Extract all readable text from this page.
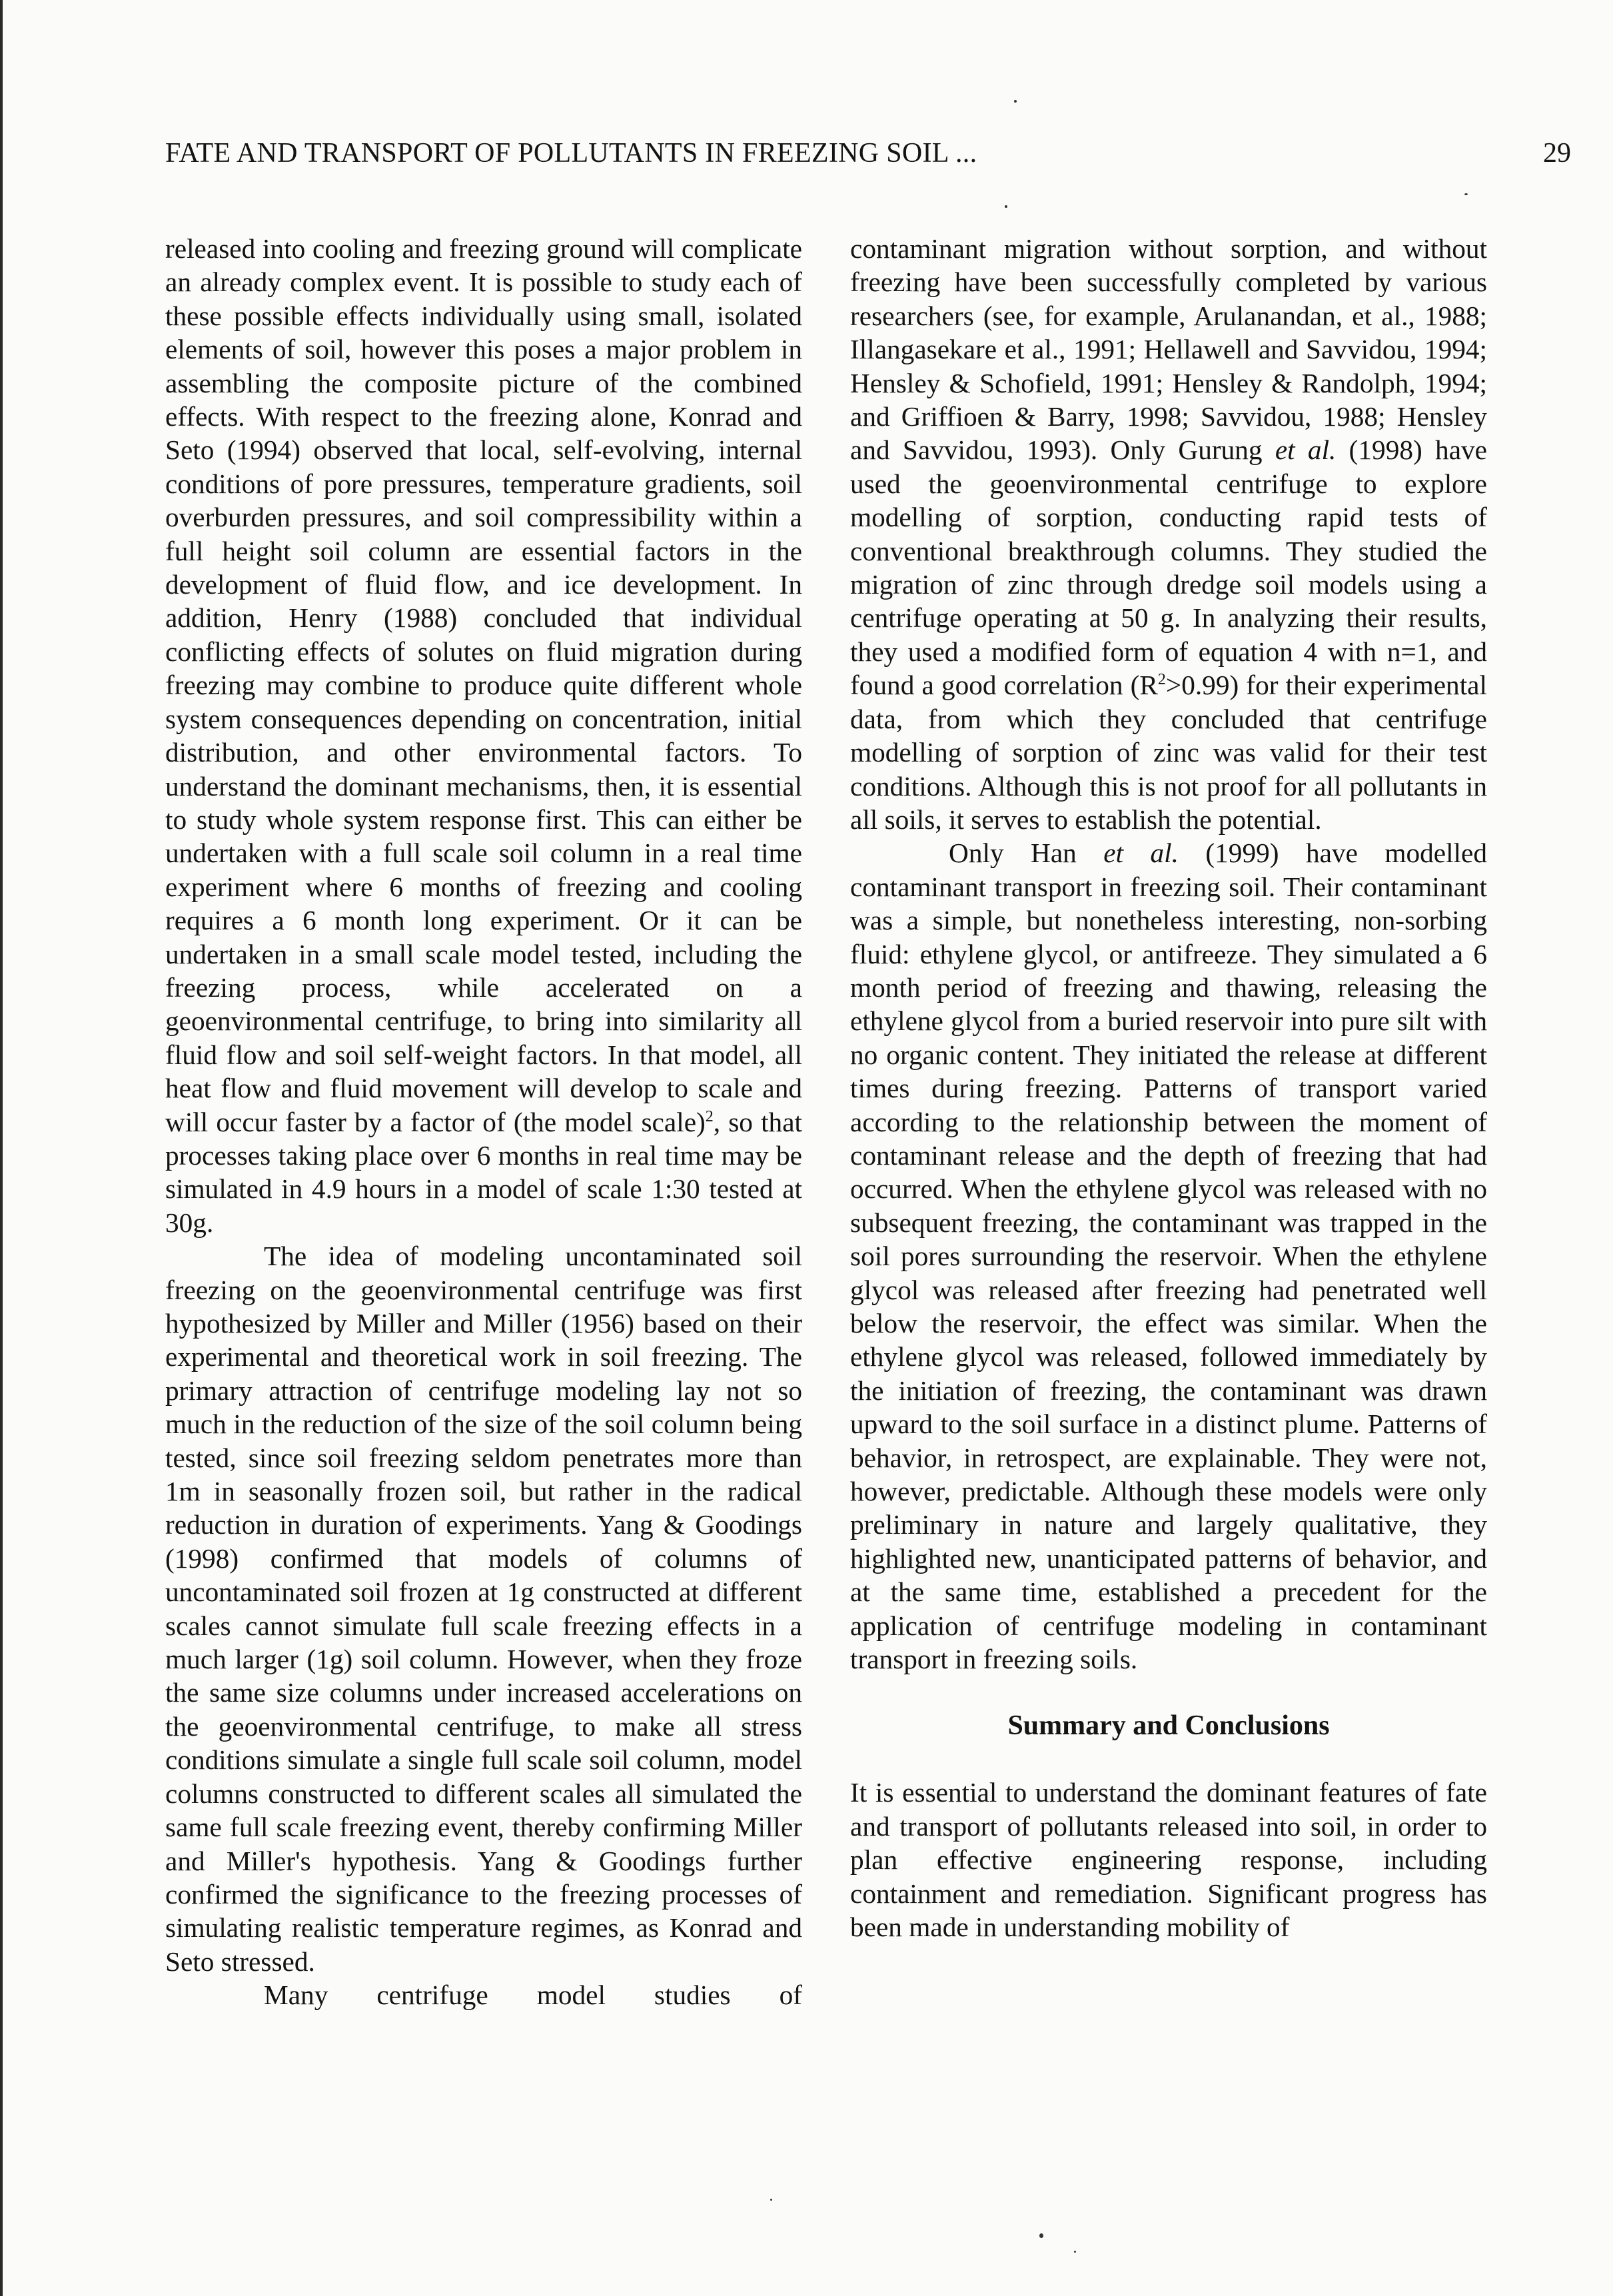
FATE AND TRANSPORT OF POLLUTANTS IN FREEZING SOIL ...	29

released into cooling and freezing ground will complicate an already complex event. It is possible to study each of these possible effects individually using small, isolated elements of soil, however this poses a major problem in assembling the composite picture of the combined effects. With respect to the freezing alone, Konrad and Seto (1994) observed that local, self-evolving, internal conditions of pore pressures, temperature gradients, soil overburden pressures, and soil compressibility within a full height soil column are essential factors in the development of fluid flow, and ice development. In addition, Henry (1988) concluded that individual conflicting effects of solutes on fluid migration during freezing may combine to produce quite different whole system consequences depending on concentration, initial distribution, and other environmental factors. To understand the dominant mechanisms, then, it is essential to study whole system response first. This can either be undertaken with a full scale soil column in a real time experiment where 6 months of freezing and cooling requires a 6 month long experiment. Or it can be undertaken in a small scale model tested, including the freezing process, while accelerated on a geoenvironmental centrifuge, to bring into similarity all fluid flow and soil self-weight factors. In that model, all heat flow and fluid movement will develop to scale and will occur faster by a factor of (the model scale)$^2$, so that processes taking place over 6 months in real time may be simulated in 4.9 hours in a model of scale 1:30 tested at 30g.

The idea of modeling uncontaminated soil freezing on the geoenvironmental centrifuge was first hypothesized by Miller and Miller (1956) based on their experimental and theoretical work in soil freezing. The primary attraction of centrifuge modeling lay not so much in the reduction of the size of the soil column being tested, since soil freezing seldom penetrates more than 1m in seasonally frozen soil, but rather in the radical reduction in duration of experiments. Yang & Goodings (1998) confirmed that models of columns of uncontaminated soil frozen at 1g constructed at different scales cannot simulate full scale freezing effects in a much larger (1g) soil column. However, when they froze the same size columns under increased accelerations on the geoenvironmental centrifuge, to make all stress conditions simulate a single full scale soil column, model columns constructed to different scales all simulated the same full scale freezing event, thereby confirming Miller and Miller's hypothesis. Yang & Goodings further confirmed the significance to the freezing processes of simulating realistic temperature regimes, as Konrad and Seto stressed.

Many centrifuge model studies of

contaminant migration without sorption, and without freezing have been successfully completed by various researchers (see, for example, Arulanandan, et al., 1988; Illangasekare et al., 1991; Hellawell and Savvidou, 1994; Hensley & Schofield, 1991; Hensley & Randolph, 1994; and Griffioen & Barry, 1998; Savvidou, 1988; Hensley and Savvidou, 1993). Only Gurung et al. (1998) have used the geoenvironmental centrifuge to explore modelling of sorption, conducting rapid tests of conventional breakthrough columns. They studied the migration of zinc through dredge soil models using a centrifuge operating at 50 g. In analyzing their results, they used a modified form of equation 4 with n=1, and found a good correlation $(R^2>0.99)$ for their experimental data, from which they concluded that centrifuge modelling of sorption of zinc was valid for their test conditions. Although this is not proof for all pollutants in all soils, it serves to establish the potential.

Only Han et al. (1999) have modelled contaminant transport in freezing soil. Their contaminant was a simple, but nonetheless interesting, non-sorbing fluid: ethylene glycol, or antifreeze. They simulated a 6 month period of freezing and thawing, releasing the ethylene glycol from a buried reservoir into pure silt with no organic content. They initiated the release at different times during freezing. Patterns of transport varied according to the relationship between the moment of contaminant release and the depth of freezing that had occurred. When the ethylene glycol was released with no subsequent freezing, the contaminant was trapped in the soil pores surrounding the reservoir. When the ethylene glycol was released after freezing had penetrated well below the reservoir, the effect was similar. When the ethylene glycol was released, followed immediately by the initiation of freezing, the contaminant was drawn upward to the soil surface in a distinct plume. Patterns of behavior, in retrospect, are explainable. They were not, however, predictable. Although these models were only preliminary in nature and largely qualitative, they highlighted new, unanticipated patterns of behavior, and at the same time, established a precedent for the application of centrifuge modeling in contaminant transport in freezing soils.

Summary and Conclusions

It is essential to understand the dominant features of fate and transport of pollutants released into soil, in order to plan effective engineering response, including containment and remediation. Significant progress has been made in understanding mobility of
